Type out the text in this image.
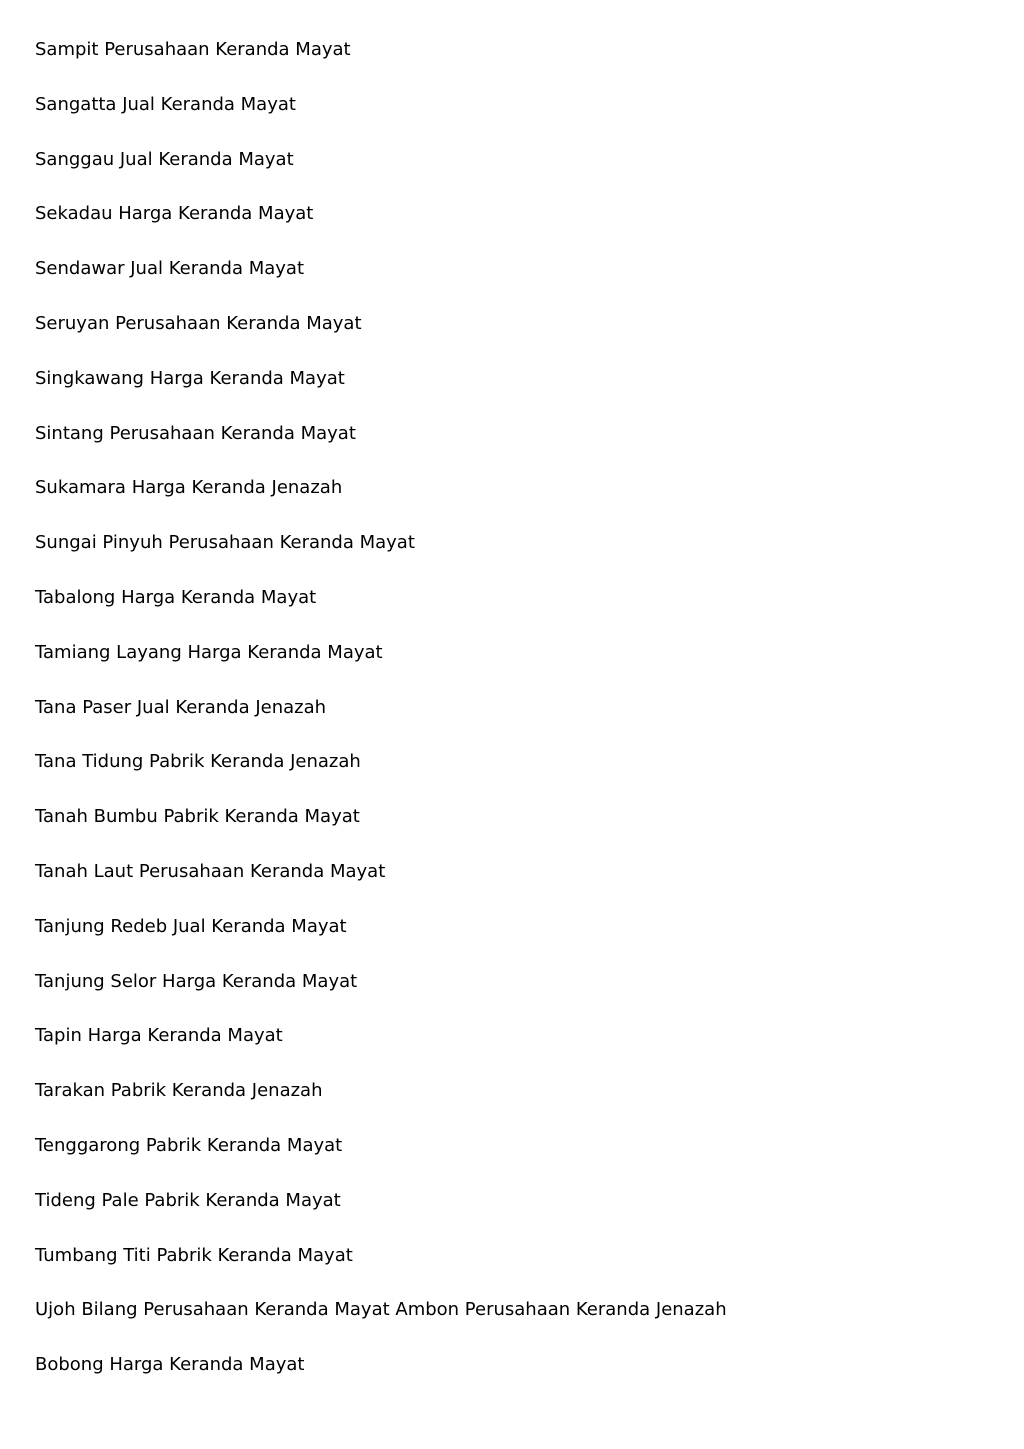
Sampit Perusahaan Keranda Mayat
Sangatta Jual Keranda Mayat
Sanggau Jual Keranda Mayat
Sekadau Harga Keranda Mayat
Sendawar Jual Keranda Mayat
Seruyan Perusahaan Keranda Mayat
Singkawang Harga Keranda Mayat
Sintang Perusahaan Keranda Mayat
Sukamara Harga Keranda Jenazah
Sungai Pinyuh Perusahaan Keranda Mayat
Tabalong Harga Keranda Mayat
Tamiang Layang Harga Keranda Mayat
Tana Paser Jual Keranda Jenazah
Tana Tidung Pabrik Keranda Jenazah
Tanah Bumbu Pabrik Keranda Mayat
Tanah Laut Perusahaan Keranda Mayat
Tanjung Redeb Jual Keranda Mayat
Tanjung Selor Harga Keranda Mayat
Tapin Harga Keranda Mayat
Tarakan Pabrik Keranda Jenazah
Tenggarong Pabrik Keranda Mayat
Tideng Pale Pabrik Keranda Mayat
Tumbang Titi Pabrik Keranda Mayat
Ujoh Bilang Perusahaan Keranda Mayat Ambon Perusahaan Keranda Jenazah
Bobong Harga Keranda Mayat
